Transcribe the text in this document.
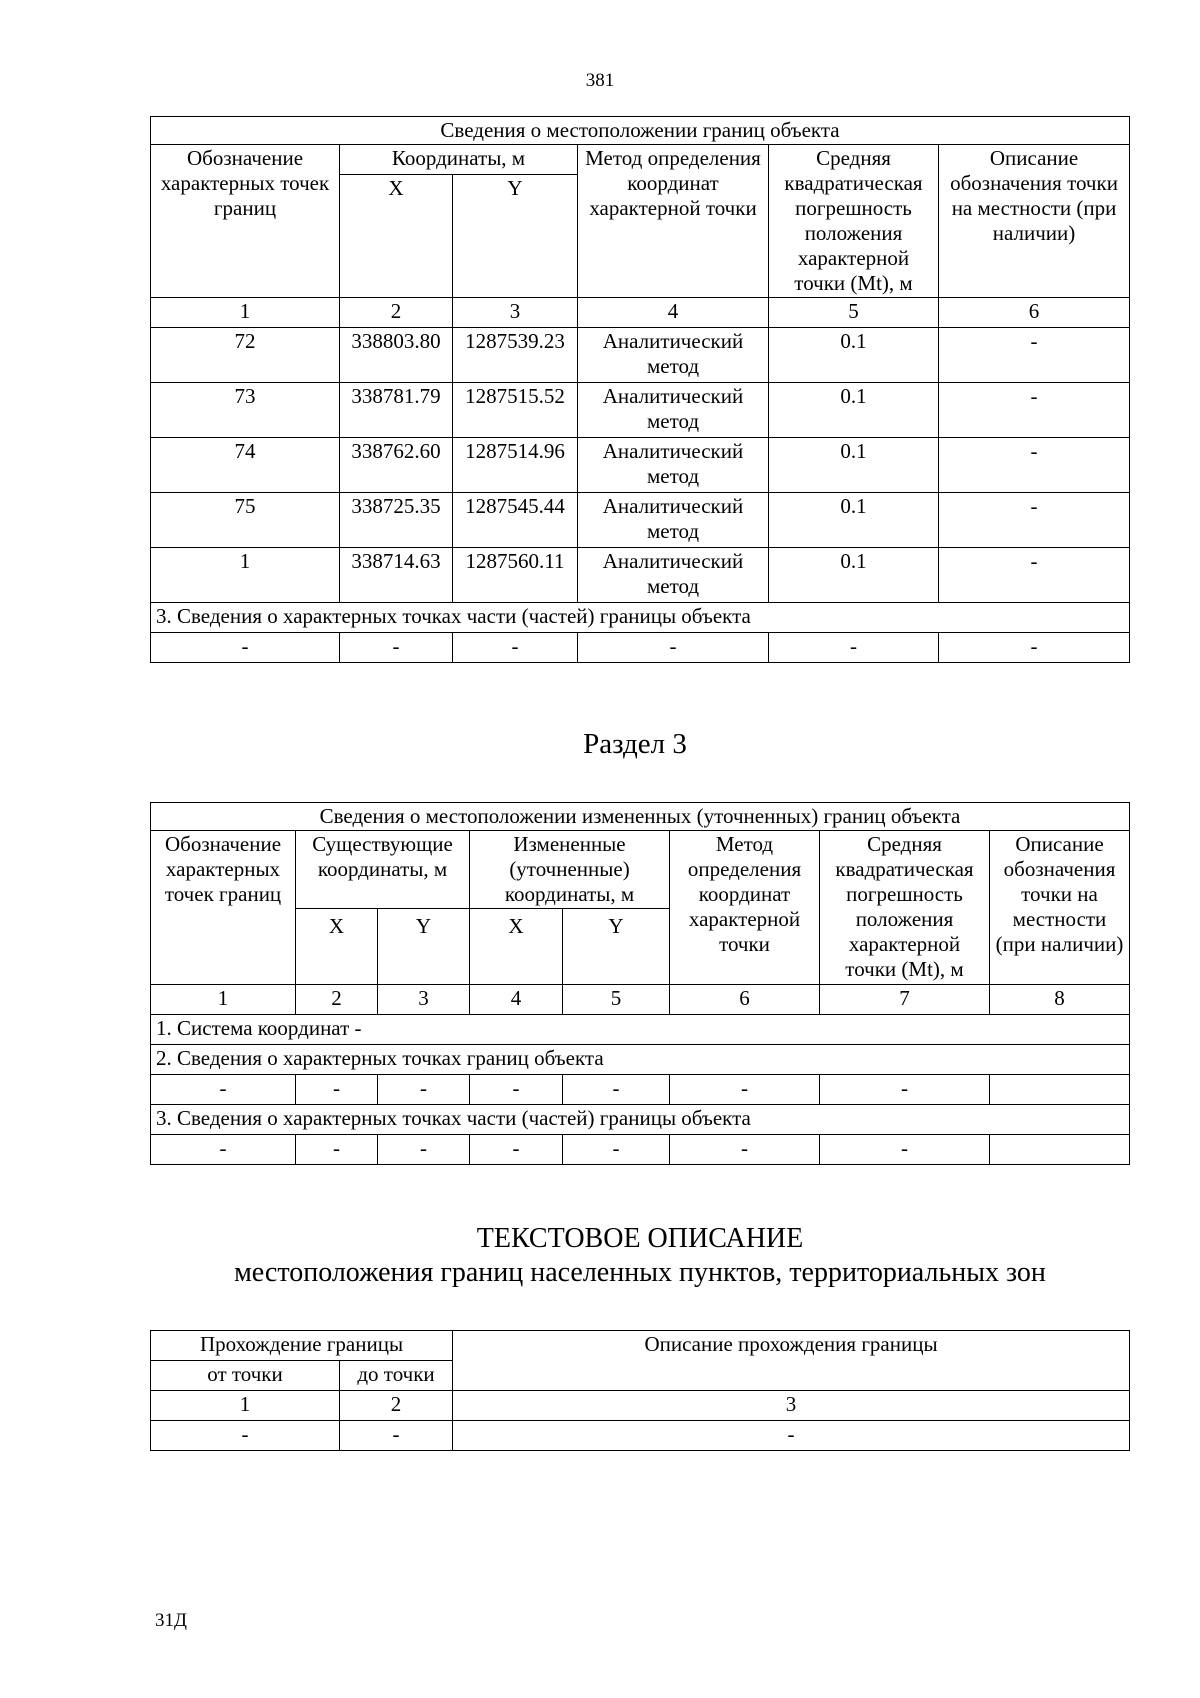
381
Сведения о местоположении границ объекта					
Обозначение характерных точек границ	Координаты, м		Метод определения координат характерной точки	Средняя квадратическая погрешность положения характерной точки (Mt), м	Описание обозначения точки на местности (при наличии)
	X	Y			
1	2	3	4	5	6
72	338803.80	1287539.23	Аналитический метод	0.1	-
73	338781.79	1287515.52	Аналитический метод	0.1	-
74	338762.60	1287514.96	Аналитический метод	0.1	-
75	338725.35	1287545.44	Аналитический метод	0.1	-
1	338714.63	1287560.11	Аналитический метод	0.1	-
3. Сведения о характерных точках части (частей) границы объекта					
-	-	-	-	-	-
Раздел 3
Сведения о местоположении измененных (уточненных) границ объекта							
Обозначение характерных точек границ	Существующие координаты, м		Измененные (уточненные) координаты, м		Метод определения координат характерной точки	Средняя квадратическая погрешность положения характерной точки (Mt), м	Описание обозначения точки на местности (при наличии)
	X	Y	X	Y			
1	2	3	4	5	6	7	8
1. Система координат -							
2. Сведения о характерных точках границ объекта							
-	-	-	-	-	-	-	
3. Сведения о характерных точках части (частей) границы объекта							
-	-	-	-	-	-	-	
ТЕКСТОВОЕ ОПИСАНИЕ
местоположения границ населенных пунктов, территориальных зон
Прохождение границы		Описание прохождения границы
от точки	до точки	
1	2	3
-	-	-
31Д
